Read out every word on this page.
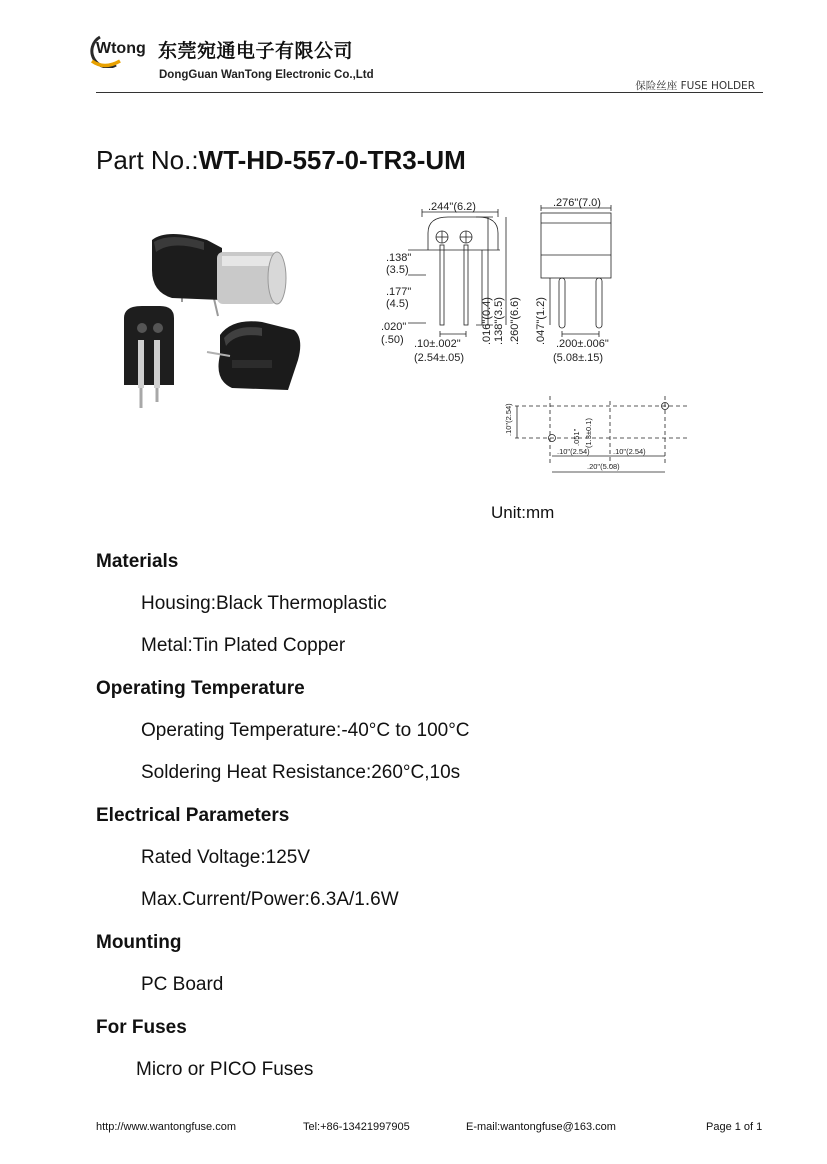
Wtong 东莞宛通电子有限公司
DongGuan WanTong Electronic Co.,Ltd
保险丝座 FUSE HOLDER
Part No.:WT-HD-557-0-TR3-UM
.244"(6.2)	.276"(7.0)
.138"
(3.5)
.177"
(4.5)
.020"
(.50) .10±.002"
(2.54±.05)
.200±.006"
(5.08±.15)
.016"(0.4) .138"(3.5) .260"(6.6) .047"(1.2)
.10"(2.54)
.051" (1.3±0.1)
.10"(2.54)	.10"(2.54)
.20"(5.08)
Unit:mm
Materials
Housing:Black Thermoplastic
Metal:Tin Plated Copper
Operating Temperature
Operating Temperature:-40°C to 100°C
Soldering Heat Resistance:260°C,10s
Electrical Parameters
Rated Voltage:125V
Max.Current/Power:6.3A/1.6W
Mounting
PC Board
For Fuses
Micro or PICO Fuses
http://www.wantongfuse.com	Tel:+86-13421997905	E-mail:wantongfuse@163.com	Page 1 of 1
